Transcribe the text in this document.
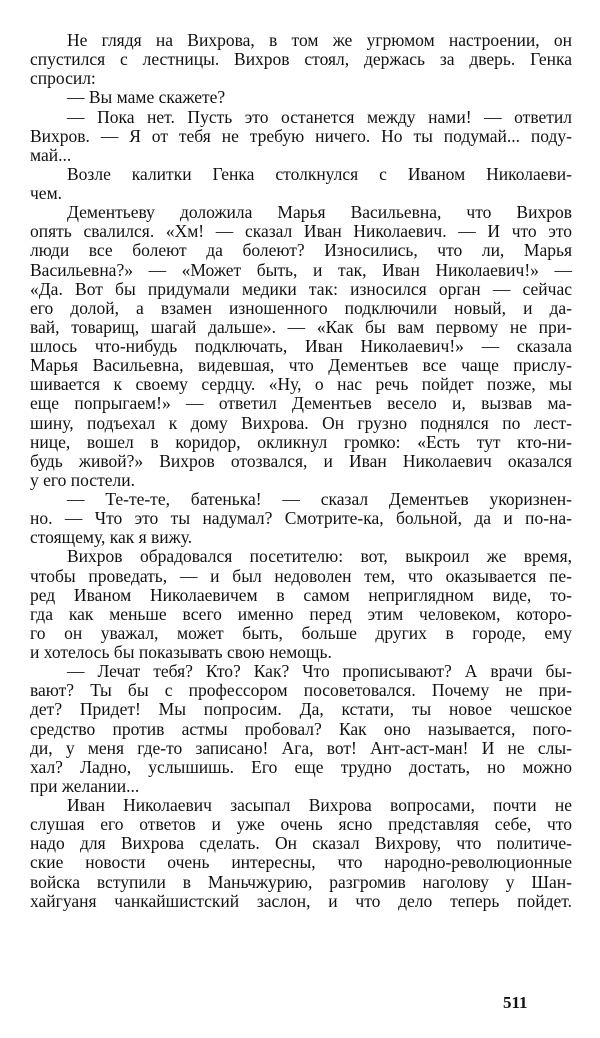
Не глядя на Вихрова, в том же угрюмом настроении, он
спустился с лестницы. Вихров стоял, держась за дверь. Генка
спросил:
— Вы маме скажете?
— Пока нет. Пусть это останется между нами! — ответил
Вихров. — Я от тебя не требую ничего. Но ты подумай... поду-
май...
Возле калитки Генка столкнулся с Иваном Николаеви-
чем.
Дементьеву доложила Марья Васильевна, что Вихров
опять свалился. «Хм! — сказал Иван Николаевич. — И что это
люди все болеют да болеют? Износились, что ли, Марья
Васильевна?» — «Может быть, и так, Иван Николаевич!» —
«Да. Вот бы придумали медики так: износился орган — сейчас
его долой, а взамен изношенного подключили новый, и да-
вай, товарищ, шагай дальше». — «Как бы вам первому не при-
шлось что-нибудь подключать, Иван Николаевич!» — сказала
Марья Васильевна, видевшая, что Дементьев все чаще прислу-
шивается к своему сердцу. «Ну, о нас речь пойдет позже, мы
еще попрыгаем!» — ответил Дементьев весело и, вызвав ма-
шину, подъехал к дому Вихрова. Он грузно поднялся по лест-
нице, вошел в коридор, окликнул громко: «Есть тут кто-ни-
будь живой?» Вихров отозвался, и Иван Николаевич оказался
у его постели.
— Те-те-те, батенька! — сказал Дементьев укоризнен-
но. — Что это ты надумал? Смотрите-ка, больной, да и по-на-
стоящему, как я вижу.
Вихров обрадовался посетителю: вот, выкроил же время,
чтобы проведать, — и был недоволен тем, что оказывается пе-
ред Иваном Николаевичем в самом неприглядном виде, то-
гда как меньше всего именно перед этим человеком, которо-
го он уважал, может быть, больше других в городе, ему
и хотелось бы показывать свою немощь.
— Лечат тебя? Кто? Как? Что прописывают? А врачи бы-
вают? Ты бы с профессором посоветовался. Почему не при-
дет? Придет! Мы попросим. Да, кстати, ты новое чешское
средство против астмы пробовал? Как оно называется, пого-
ди, у меня где-то записано! Ага, вот! Ант-аст-ман! И не слы-
хал? Ладно, услышишь. Его еще трудно достать, но можно
при желании...
Иван Николаевич засыпал Вихрова вопросами, почти не
слушая его ответов и уже очень ясно представляя себе, что
надо для Вихрова сделать. Он сказал Вихрову, что политиче-
ские новости очень интересны, что народно-революционные
войска вступили в Маньчжурию, разгромив наголову у Шан-
хайгуаня чанкайшистский заслон, и что дело теперь пойдет.
511
